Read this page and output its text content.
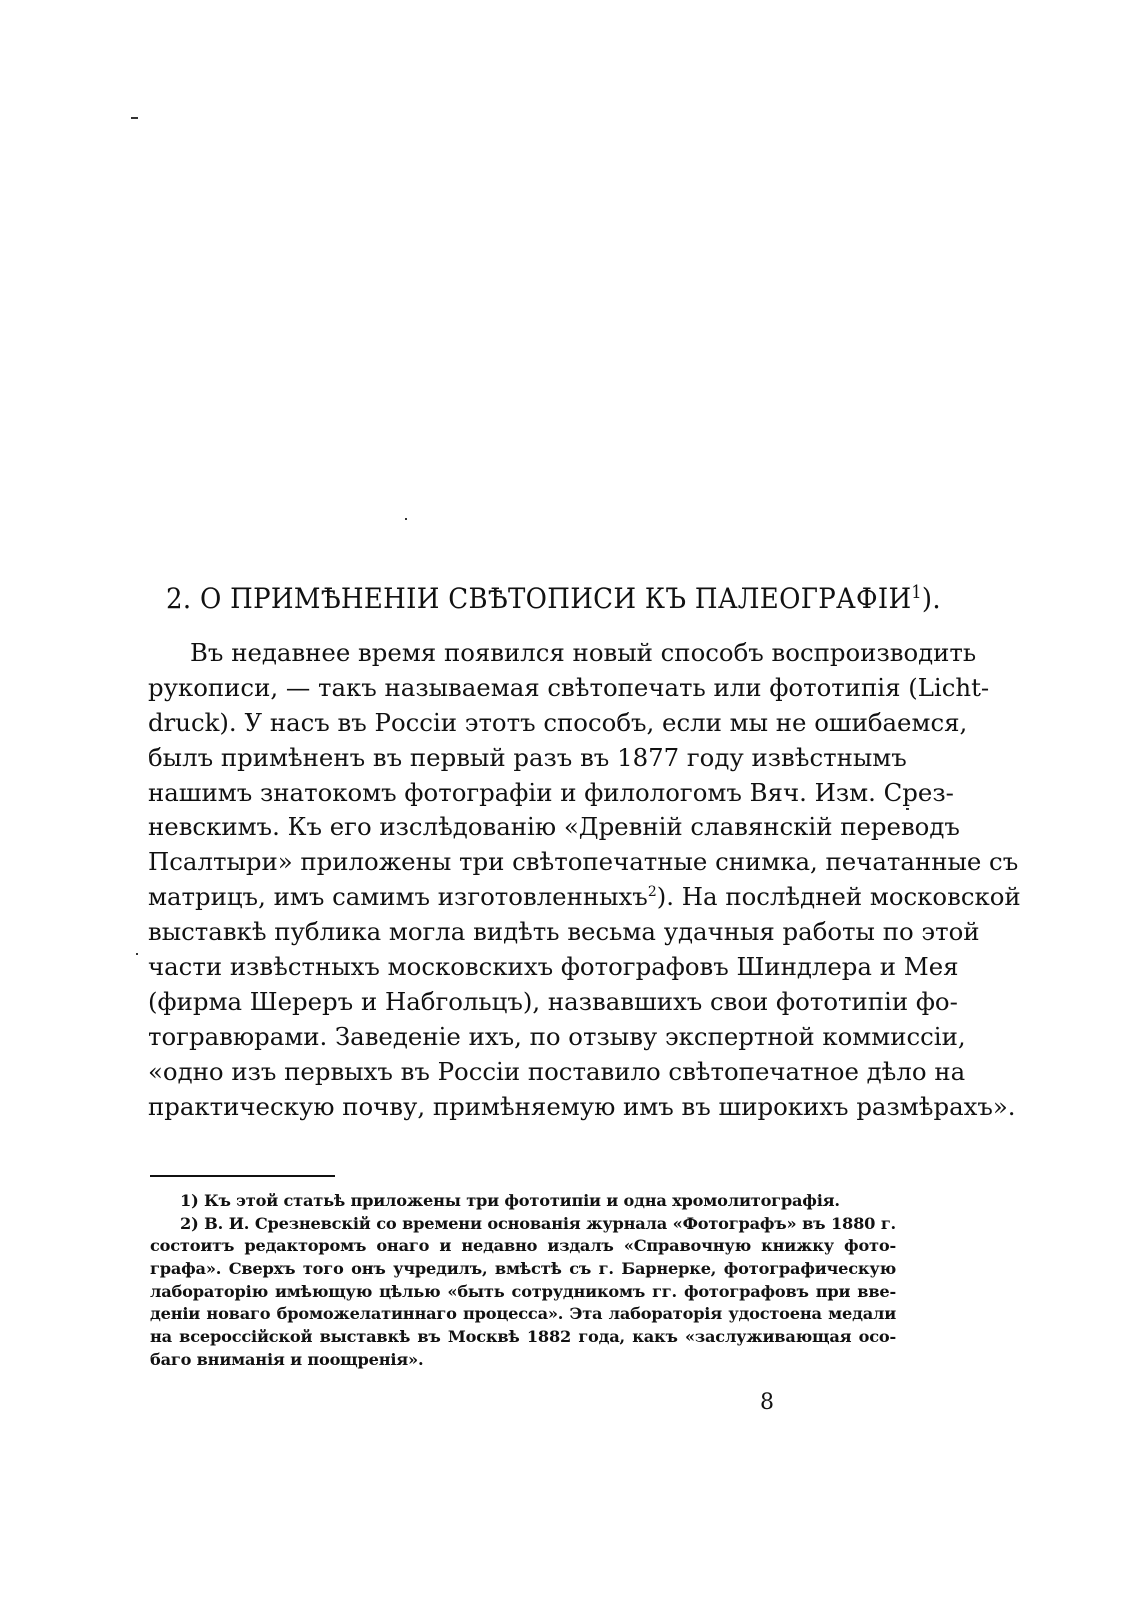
2. О ПРИМѢНЕНІИ СВѢТОПИСИ КЪ ПАЛЕОГРАФІИ$^1$).
Въ недавнее время появился новый способъ воспроизводить
рукописи, — такъ называемая свѣтопечать или фототипія (Licht-
druck). У насъ въ Россіи этотъ способъ, если мы не ошибаемся,
былъ примѣненъ въ первый разъ въ 1877 году извѣстнымъ
нашимъ знатокомъ фотографіи и филологомъ Вяч. Изм. Срез-
невскимъ. Къ его изслѣдованію «Древній славянскій переводъ
Псалтыри» приложены три свѣтопечатные снимка, печатанные съ
матрицъ, имъ самимъ изготовленныхъ$^2$). На послѣдней московской
выставкѣ публика могла видѣть весьма удачныя работы по этой
части извѣстныхъ московскихъ фотографовъ Шиндлера и Мея
(фирма Шереръ и Набгольцъ), назвавшихъ свои фототипіи фо-
тогравюрами. Заведеніе ихъ, по отзыву экспертной коммиссіи,
«одно изъ первыхъ въ Россіи поставило свѣтопечатное дѣло на
практическую почву, примѣняемую имъ въ широкихъ размѣрахъ».
1) Къ этой статьѣ приложены три фототипіи и одна хромолитографія.
2) В. И. Срезневскій со времени основанія журнала «Фотографъ» въ 1880 г.
состоитъ редакторомъ онаго и недавно издалъ «Справочную книжку фото-
графа». Сверхъ того онъ учредилъ, вмѣстѣ съ г. Барнерке, фотографическую
лабораторію имѣющую цѣлью «быть сотрудникомъ гг. фотографовъ при вве-
деніи новаго броможелатиннаго процесса». Эта лабораторія удостоена медали
на всероссійской выставкѣ въ Москвѣ 1882 года, какъ «заслуживающая осо-
баго вниманія и поощренія».
8
